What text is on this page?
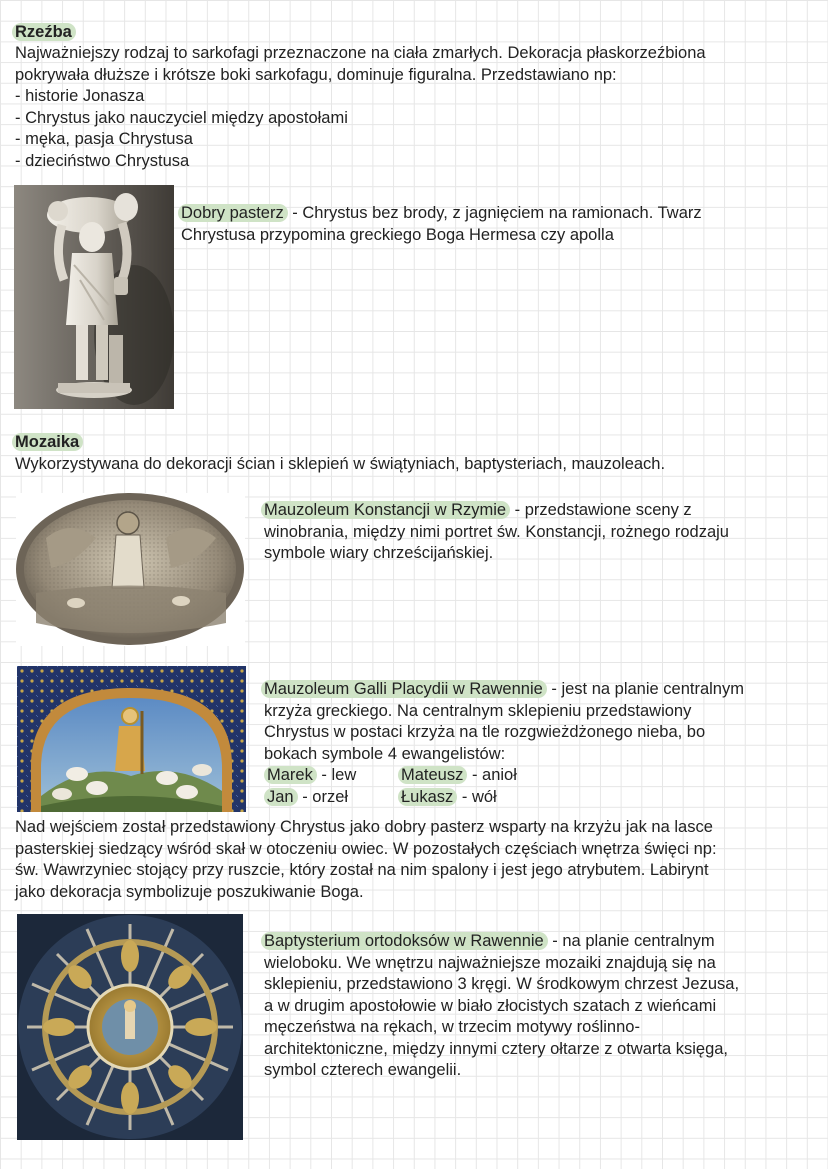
Rzeźba
Najważniejszy rodzaj to sarkofagi przeznaczone na ciała zmarłych. Dekoracja płaskorzeźbiona
pokrywała dłuższe i krótsze boki sarkofagu, dominuje figuralna. Przedstawiano np:
- historie Jonasza
- Chrystus jako nauczyciel między apostołami
- męka, pasja Chrystusa
- dzieciństwo Chrystusa
Dobry pasterz - Chrystus bez brody, z jagnięciem na ramionach. Twarz
Chrystusa przypomina greckiego Boga Hermesa czy apolla
Mozaika
Wykorzystywana do dekoracji ścian i sklepień w świątyniach, baptysteriach, mauzoleach.
Mauzoleum Konstancji w Rzymie - przedstawione sceny z
winobrania, między nimi portret św. Konstancji, rożnego rodzaju
symbole wiary chrześcijańskiej.
Mauzoleum Galli Placydii w Rawennie - jest na planie centralnym
krzyża greckiego. Na centralnym sklepieniu przedstawiony
Chrystus w postaci krzyża na tle rozgwieżdżonego nieba, bo
bokach symbole 4 ewangelistów:
Marek - lew	Mateusz - anioł
Jan - orzeł	Łukasz - wół
Nad wejściem został przedstawiony Chrystus jako dobry pasterz wsparty na krzyżu jak na lasce
pasterskiej siedzący wśród skał w otoczeniu owiec. W pozostałych częściach wnętrza święci np:
św. Wawrzyniec stojący przy ruszcie, który został na nim spalony i jest jego atrybutem. Labirynt
jako dekoracja symbolizuje poszukiwanie Boga.
Baptysterium ortodoksów w Rawennie - na planie centralnym
wieloboku. We wnętrzu najważniejsze mozaiki znajdują się na
sklepieniu, przedstawiono 3 kręgi. W środkowym chrzest Jezusa,
a w drugim apostołowie w biało złocistych szatach z wieńcami
męczeństwa na rękach, w trzecim motywy roślinno-
architektoniczne, między innymi cztery ołtarze z otwarta księga,
symbol czterech ewangelii.
